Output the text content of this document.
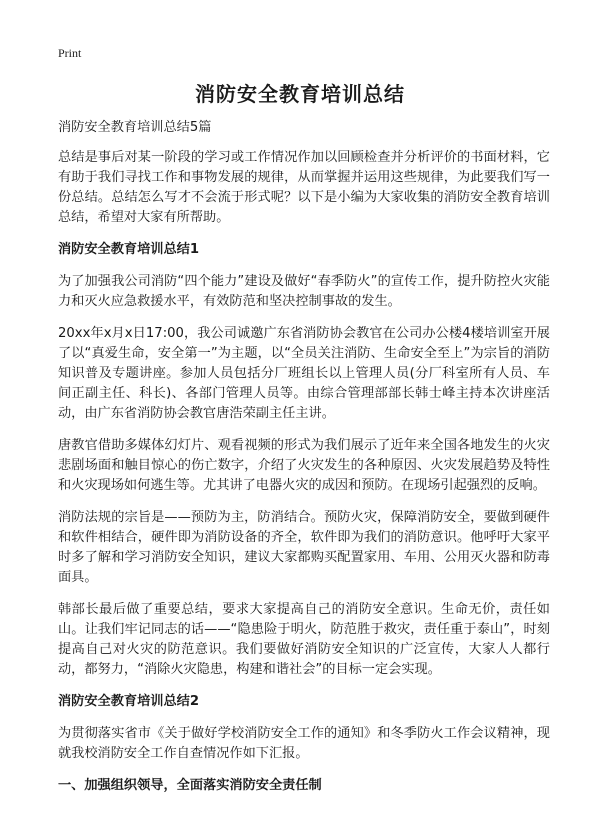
Print
消防安全教育培训总结

消防安全教育培训总结5篇

总结是事后对某一阶段的学习或工作情况作加以回顾检查并分析评价的书面材料，它有助于我们寻找工作和事物发展的规律，从而掌握并运用这些规律，为此要我们写一份总结。总结怎么写才不会流于形式呢？以下是小编为大家收集的消防安全教育培训总结，希望对大家有所帮助。

消防安全教育培训总结1

为了加强我公司消防“四个能力”建设及做好“春季防火”的宣传工作，提升防控火灾能力和灭火应急救援水平，有效防范和坚决控制事故的发生。

20xx年x月x日17:00，我公司诚邀广东省消防协会教官在公司办公楼4楼培训室开展了以“真爱生命，安全第一”为主题，以“全员关注消防、生命安全至上”为宗旨的消防知识普及专题讲座。参加人员包括分厂班组长以上管理人员(分厂科室所有人员、车间正副主任、科长)、各部门管理人员等。由综合管理部部长韩士峰主持本次讲座活动，由广东省消防协会教官唐浩荣副主任主讲。

唐教官借助多媒体幻灯片、观看视频的形式为我们展示了近年来全国各地发生的火灾悲剧场面和触目惊心的伤亡数字，介绍了火灾发生的各种原因、火灾发展趋势及特性和火灾现场如何逃生等。尤其讲了电器火灾的成因和预防。在现场引起强烈的反响。

消防法规的宗旨是——预防为主，防消结合。预防火灾，保障消防安全，要做到硬件和软件相结合，硬件即为消防设备的齐全，软件即为我们的消防意识。他呼吁大家平时多了解和学习消防安全知识，建议大家都购买配置家用、车用、公用灭火器和防毒面具。

韩部长最后做了重要总结，要求大家提高自己的消防安全意识。生命无价，责任如山。让我们牢记同志的话——“隐患险于明火，防范胜于救灾，责任重于泰山”，时刻提高自己对火灾的防范意识。我们要做好消防安全知识的广泛宣传，大家人人都行动，都努力，“消除火灾隐患，构建和谐社会”的目标一定会实现。

消防安全教育培训总结2

为贯彻落实省市《关于做好学校消防安全工作的通知》和冬季防火工作会议精神，现就我校消防安全工作自查情况作如下汇报。

一、加强组织领导，全面落实消防安全责任制
